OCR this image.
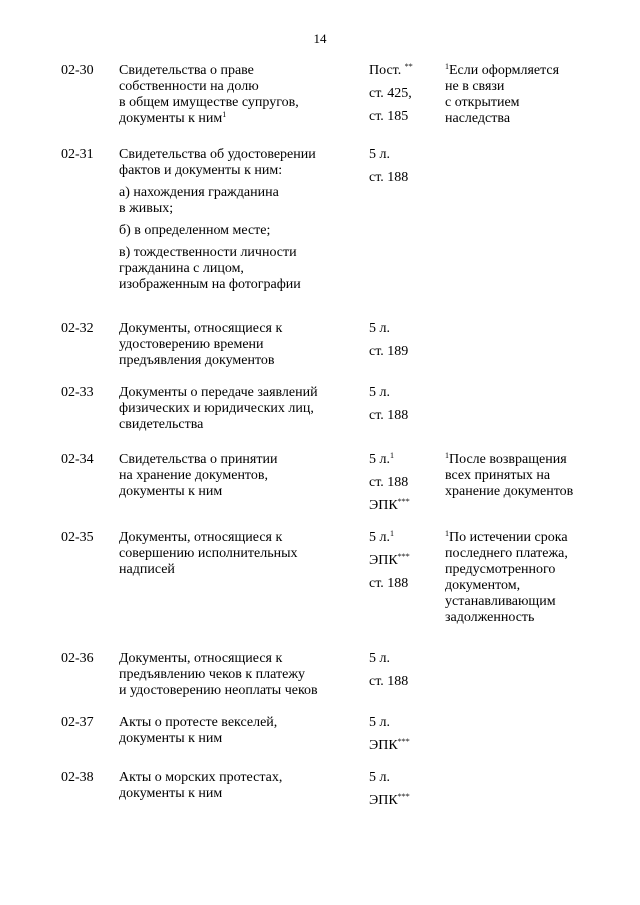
14
02-30 Свидетельства о праве
собственности на долю
в общем имуществе супругов,
документы к ним$^1$
Пост. **
ст. 425,
ст. 185
$^1$Если оформляется
не в связи
с открытием
наследства
02-31 Свидетельства об удостоверении
фактов и документы к ним:
а) нахождения гражданина
в живых;
б) в определенном месте;
в) тождественности личности
гражданина с лицом,
изображенным на фотографии
5 л.
ст. 188
02-32 Документы, относящиеся к
удостоверению времени
предъявления документов
5 л.
ст. 189
02-33 Документы о передаче заявлений
физических и юридических лиц,
свидетельства
5 л.
ст. 188
02-34 Свидетельства о принятии
на хранение документов,
документы к ним
5 л.$^1$
ст. 188
ЭПК***
$^1$После возвращения
всех принятых на
хранение документов
02-35 Документы, относящиеся к
совершению исполнительных
надписей
5 л.$^1$
ЭПК***
ст. 188
$^1$По истечении срока
последнего платежа,
предусмотренного
документом,
устанавливающим
задолженность
02-36 Документы, относящиеся к
предъявлению чеков к платежу
и удостоверению неоплаты чеков
5 л.
ст. 188
02-37 Акты о протесте векселей,
документы к ним
5 л.
ЭПК***
02-38 Акты о морских протестах,
документы к ним
5 л.
ЭПК***
